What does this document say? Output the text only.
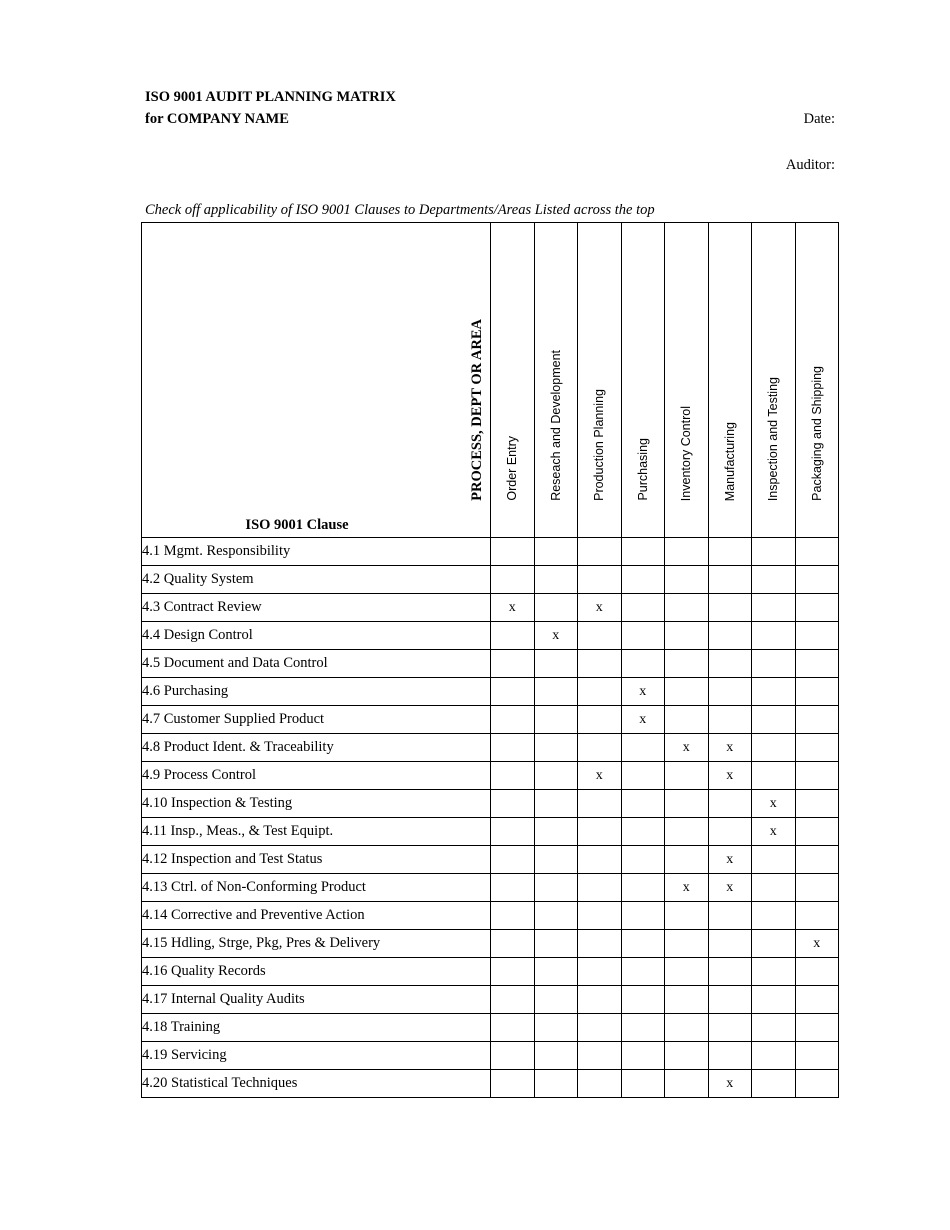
ISO 9001 AUDIT PLANNING MATRIX
for COMPANY NAME	Date:
Auditor:
Check off applicability of ISO 9001 Clauses to Departments/Areas Listed across the top
ISO 9001 Clause
PROCESS, DEPT OR AREA	Order Entry	Reseach and Development	Production Planning	Purchasing	Inventory Control	Manufacturing	Inspection and Testing	Packaging and Shipping

4.1 Mgmt. Responsibility								
4.2 Quality System								
4.3 Contract Review	x		x					
4.4 Design Control		x						
4.5 Document and Data Control								
4.6 Purchasing				x				
4.7 Customer Supplied Product				x				
4.8 Product Ident. & Traceability					x	x		
4.9 Process Control			x			x		
4.10 Inspection & Testing							x	
4.11 Insp., Meas., & Test Equipt.							x	
4.12 Inspection and Test Status						x		
4.13 Ctrl. of Non-Conforming Product					x	x		
4.14 Corrective and Preventive Action								
4.15 Hdling, Strge, Pkg, Pres & Delivery								x
4.16 Quality Records								
4.17 Internal Quality Audits								
4.18 Training								
4.19 Servicing								
4.20 Statistical Techniques						x		
